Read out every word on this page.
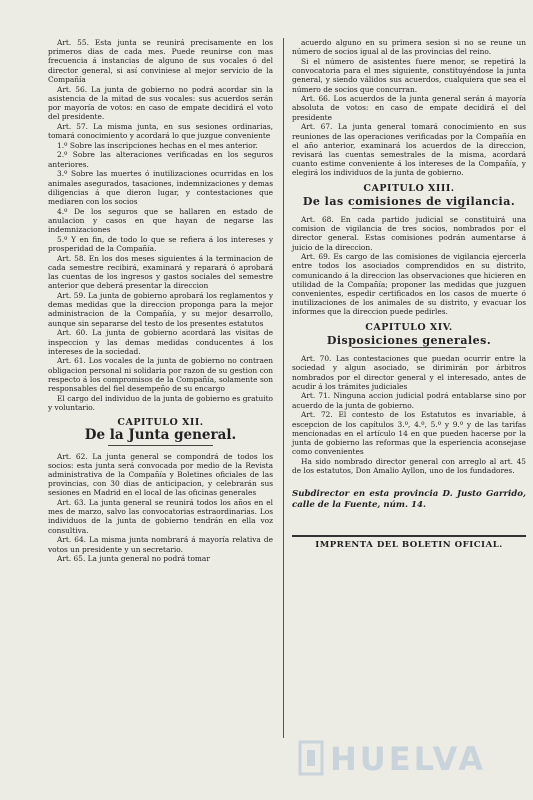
Art. 55. Esta junta se reunirá precisamente en los primeros dias de cada mes. Puede reunirse con mas frecuencia á instancias de alguno de sus vocales ó del director general, si así conviniese al mejor servicio de la Compañía
Art. 56. La junta de gobierno no podrá acordar sin la asistencia de la mitad de sus vocales: sus acuerdos serán por mayoría de votos: en caso de empate decidirá el voto del presidente.
Art. 57. La misma junta, en sus sesiones ordinarias, tomará conocimiento y acordará lo que juzgue conveniente
1.º Sobre las inscripciones hechas en el mes anterior.
2.º Sobre las alteraciones verificadas en los seguros anteriores.
3.º Sobre las muertes ó inutilizaciones ocurridas en los animales asegurados, tasaciones, indemnizaciones y demas diligencias á que dieron lugar, y contestaciones que mediaren con los socios
4.º De los seguros que se hallaren en estado de anulacion y casos en que hayan de negarse las indemnizaciones
5.º Y en fin, de todo lo que se refiera á los intereses y prosperidad de la Compañía.
Art. 58. En los dos meses siguientes á la terminacion de cada semestre recibirá, examinará y reparará ó aprobará las cuentas de los ingresos y gastos sociales del semestre anterior que deberá presentar la direccion
Art. 59. La junta de gobierno aprobará los reglamentos y demas medidas que la direccion proponga para la mejor administracion de la Compañía, y su mejor desarrollo, aunque sin separarse del testo de los presentes estatutos
Art. 60. La junta de gobierno acordará las visitas de inspeccion y las demas medidas conducentes á los intereses de la sociedad.
Art. 61. Los vocales de la junta de gobierno no contraen obligacion personal ni solidaria por razon de su gestion con respecto á los compromisos de la Compañía, solamente son responsables del fiel desempeño de su encargo
El cargo del individuo de la junta de gobierno es gratuito y voluntario.
CAPITULO XII.
De la Junta general.
Art. 62. La junta general se compondrá de todos los socios: esta junta será convocada por medio de la Revista administrativa de la Compañía y Boletines oficiales de las provincias, con 30 dias de anticipacion, y celebrarán sus sesiones en Madrid en el local de las oficinas generales
Art. 63. La junta general se reunirá todos los años en el mes de marzo, salvo las convocatorias estraordinarias. Los individuos de la junta de gobierno tendrán en ella voz consultiva.
Art. 64. La misma junta nombrará á mayoría relativa de votos un presidente y un secretario.
Art. 65. La junta general no podrá tomar
acuerdo alguno en su primera sesion si no se reune un número de socios igual al de las provincias del reino.
Si el número de asistentes fuere menor, se repetirá la convocatoria para el mes siguiente, constituyéndose la junta general, y siendo válidos sus acuerdos, cualquiera que sea el número de socios que concurran.
Art. 66. Los acuerdos de la junta general serán á mayoría absoluta de votos: en caso de empate decidirá el del presidente
Art. 67. La junta general tomará conocimiento en sus reuniones de las operaciones verificadas por la Compañía en el año anterior, examinará los acuerdos de la direccion, revisará las cuentas semestrales de la misma, acordará cuanto estime conveniente á los intereses de la Compañía, y elegirá los individuos de la junta de gobierno.
CAPITULO XIII.
De las comisiones de vigilancia.
Art. 68. En cada partido judicial se constituirá una comision de vigilancia de tres socios, nombrados por el director general. Estas comisiones podrán aumentarse á juicio de la direccion.
Art. 69. Es cargo de las comisiones de vigilancia ejercerla entre todos los asociados comprendidos en su distrito, comunicando á la direccion las observaciones que hicieren en utilidad de la Compañía; proponer las medidas que juzguen convenientes, espedir certificados en los casos de muerte ó inutilizaciones de los animales de su distrito, y evacuar los informes que la direccion puede pedirles.
CAPITULO XIV.
Disposiciones generales.
Art. 70. Las contestaciones que puedan ocurrir entre la sociedad y algun asociado, se dirimirán por árbitros nombrados por el director general y el interesado, antes de acudir á los trámites judiciales
Art. 71. Ninguna accion judicial podrá entablarse sino por acuerdo de la junta de gobierno.
Art. 72. El contesto de los Estatutos es invariable, á escepcion de los capítulos 3.º, 4.º, 5.º y 9.º y de las tarifas mencionadas en el artículo 14 en que pueden hacerse por la junta de gobierno las reformas que la esperiencia aconsejase como convenientes
Ha sido nombrado director general con arreglo al art. 45 de los estatutos, Don Amalio Ayllon, uno de los fundadores.
Subdirector en esta provincia D. Justo Garrido, calle de la Fuente, núm. 14.
IMPRENTA DEL BOLETIN OFICIAL.
HUELVA
